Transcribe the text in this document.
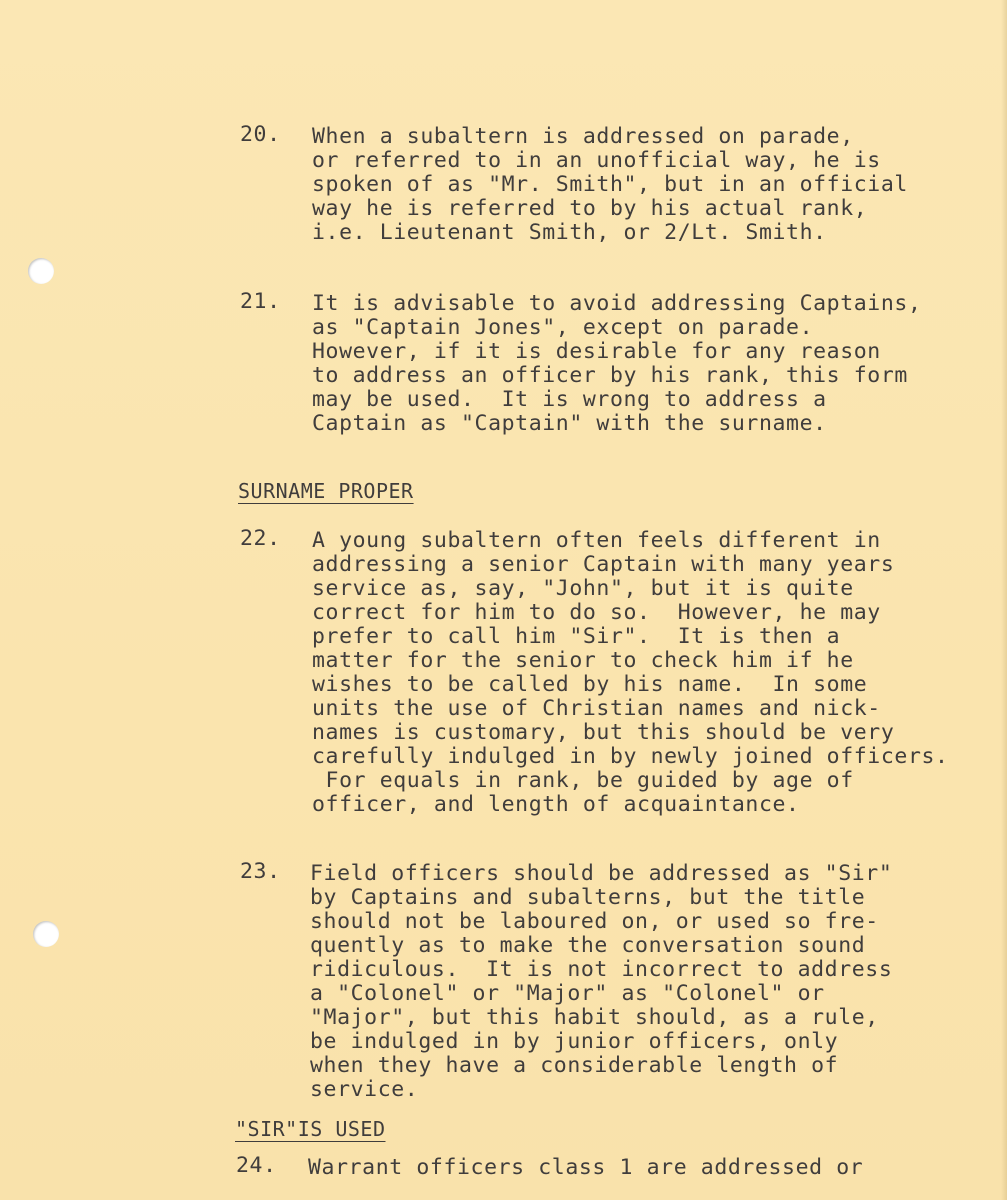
20. When a subaltern is addressed on parade,
or referred to in an unofficial way, he is
spoken of as "Mr. Smith", but in an official
way he is referred to by his actual rank,
i.e. Lieutenant Smith, or 2/Lt. Smith.
21. It is advisable to avoid addressing Captains,
as "Captain Jones", except on parade.
However, if it is desirable for any reason
to address an officer by his rank, this form
may be used.  It is wrong to address a
Captain as "Captain" with the surname.
SURNAME PROPER
22. A young subaltern often feels different in
addressing a senior Captain with many years
service as, say, "John", but it is quite
correct for him to do so.  However, he may
prefer to call him "Sir".  It is then a
matter for the senior to check him if he
wishes to be called by his name.  In some
units the use of Christian names and nick-
names is customary, but this should be very
carefully indulged in by newly joined officers.
For equals in rank, be guided by age of
officer, and length of acquaintance.
23. Field officers should be addressed as "Sir"
by Captains and subalterns, but the title
should not be laboured on, or used so fre-
quently as to make the conversation sound
ridiculous.  It is not incorrect to address
a "Colonel" or "Major" as "Colonel" or
"Major", but this habit should, as a rule,
be indulged in by junior officers, only
when they have a considerable length of
service.
"SIR"IS USED
24. Warrant officers class 1 are addressed or
